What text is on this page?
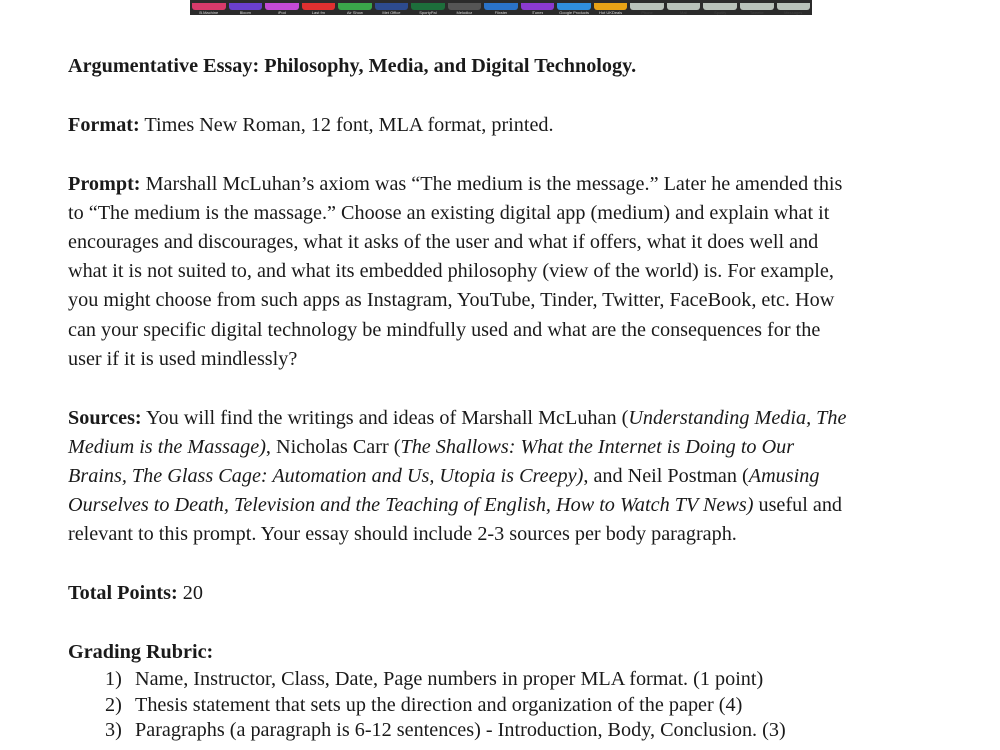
B.Machine	Bloom	iPod	Last fm	Air Show	Met Office	SportyPal	Melodica	Flixster	iTunes	Google Products	Hot UKDeals	Phone	Mail	Spotify	Tweetie	Messages
Argumentative Essay: Philosophy, Media, and Digital Technology.
Format: Times New Roman, 12 font, MLA format, printed.
Prompt: Marshall McLuhan’s axiom was “The medium is the message.” Later he amended this
to “The medium is the massage.” Choose an existing digital app (medium) and explain what it
encourages and discourages, what it asks of the user and what if offers, what it does well and
what it is not suited to, and what its embedded philosophy (view of the world) is. For example,
you might choose from such apps as Instagram, YouTube, Tinder, Twitter, FaceBook, etc. How
can your specific digital technology be mindfully used and what are the consequences for the
user if it is used mindlessly?
Sources: You will find the writings and ideas of Marshall McLuhan (Understanding Media, The
Medium is the Massage), Nicholas Carr (The Shallows: What the Internet is Doing to Our
Brains, The Glass Cage: Automation and Us, Utopia is Creepy), and Neil Postman (Amusing
Ourselves to Death, Television and the Teaching of English, How to Watch TV News) useful and
relevant to this prompt. Your essay should include 2-3 sources per body paragraph.
Total Points: 20
Grading Rubric:
1) Name, Instructor, Class, Date, Page numbers in proper MLA format. (1 point)
2) Thesis statement that sets up the direction and organization of the paper (4)
3) Paragraphs (a paragraph is 6-12 sentences) - Introduction, Body, Conclusion. (3)
